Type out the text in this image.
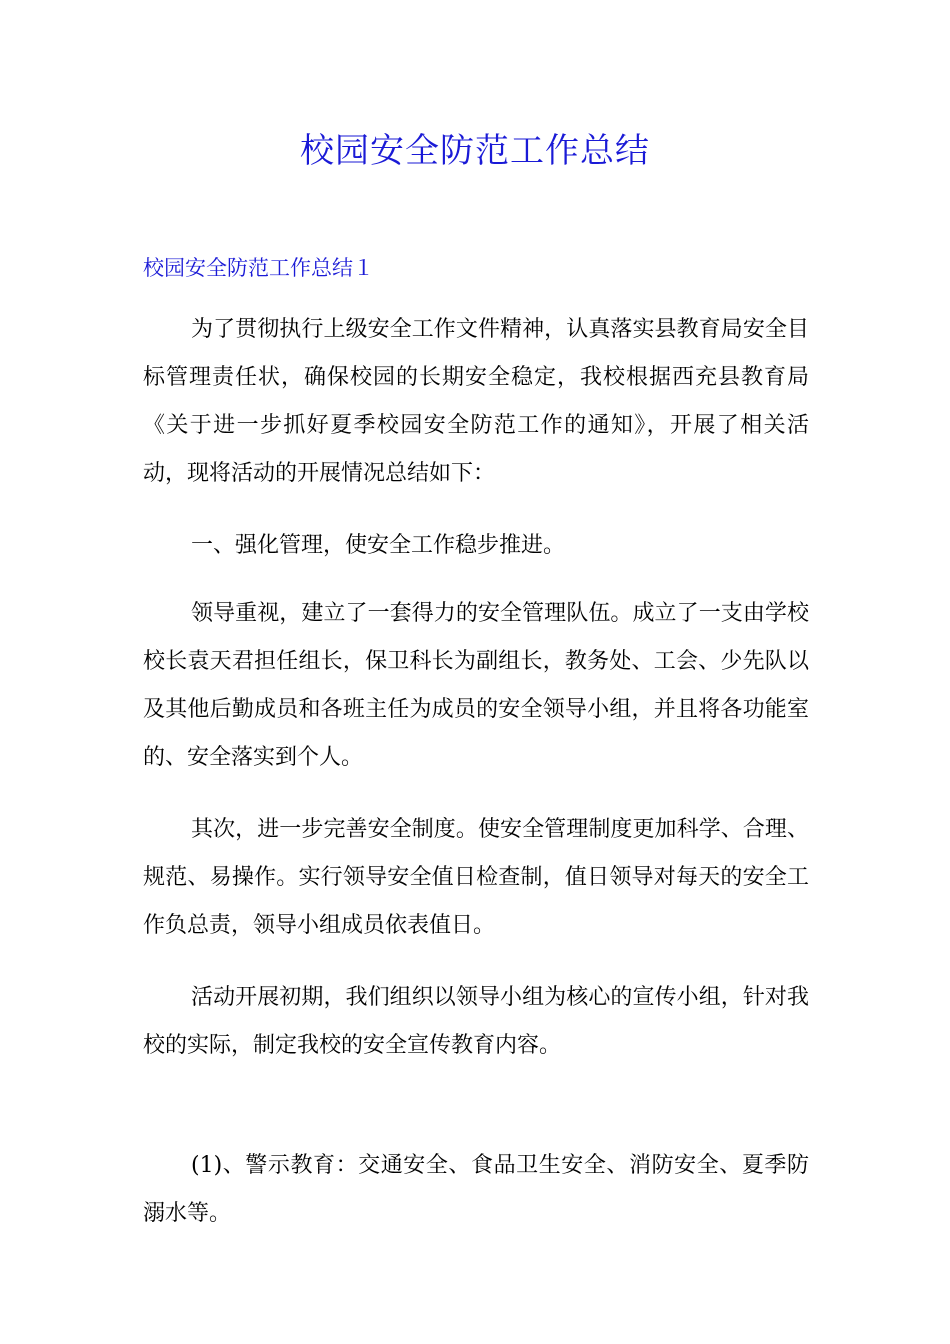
校园安全防范工作总结
校园安全防范工作总结１

为了贯彻执行上级安全工作文件精神，认真落实县教育局安全目标管理责任状，确保校园的长期安全稳定，我校根据西充县教育局《关于进一步抓好夏季校园安全防范工作的通知》，开展了相关活动，现将活动的开展情况总结如下：

一、强化管理，使安全工作稳步推进。

领导重视，建立了一套得力的安全管理队伍。成立了一支由学校校长袁天君担任组长，保卫科长为副组长，教务处、工会、少先队以及其他后勤成员和各班主任为成员的安全领导小组，并且将各功能室的、安全落实到个人。

其次，进一步完善安全制度。使安全管理制度更加科学、合理、规范、易操作。实行领导安全值日检查制，值日领导对每天的安全工作负总责，领导小组成员依表值日。

活动开展初期，我们组织以领导小组为核心的宣传小组，针对我校的实际，制定我校的安全宣传教育内容。

(1)、警示教育：交通安全、食品卫生安全、消防安全、夏季防溺水等。
